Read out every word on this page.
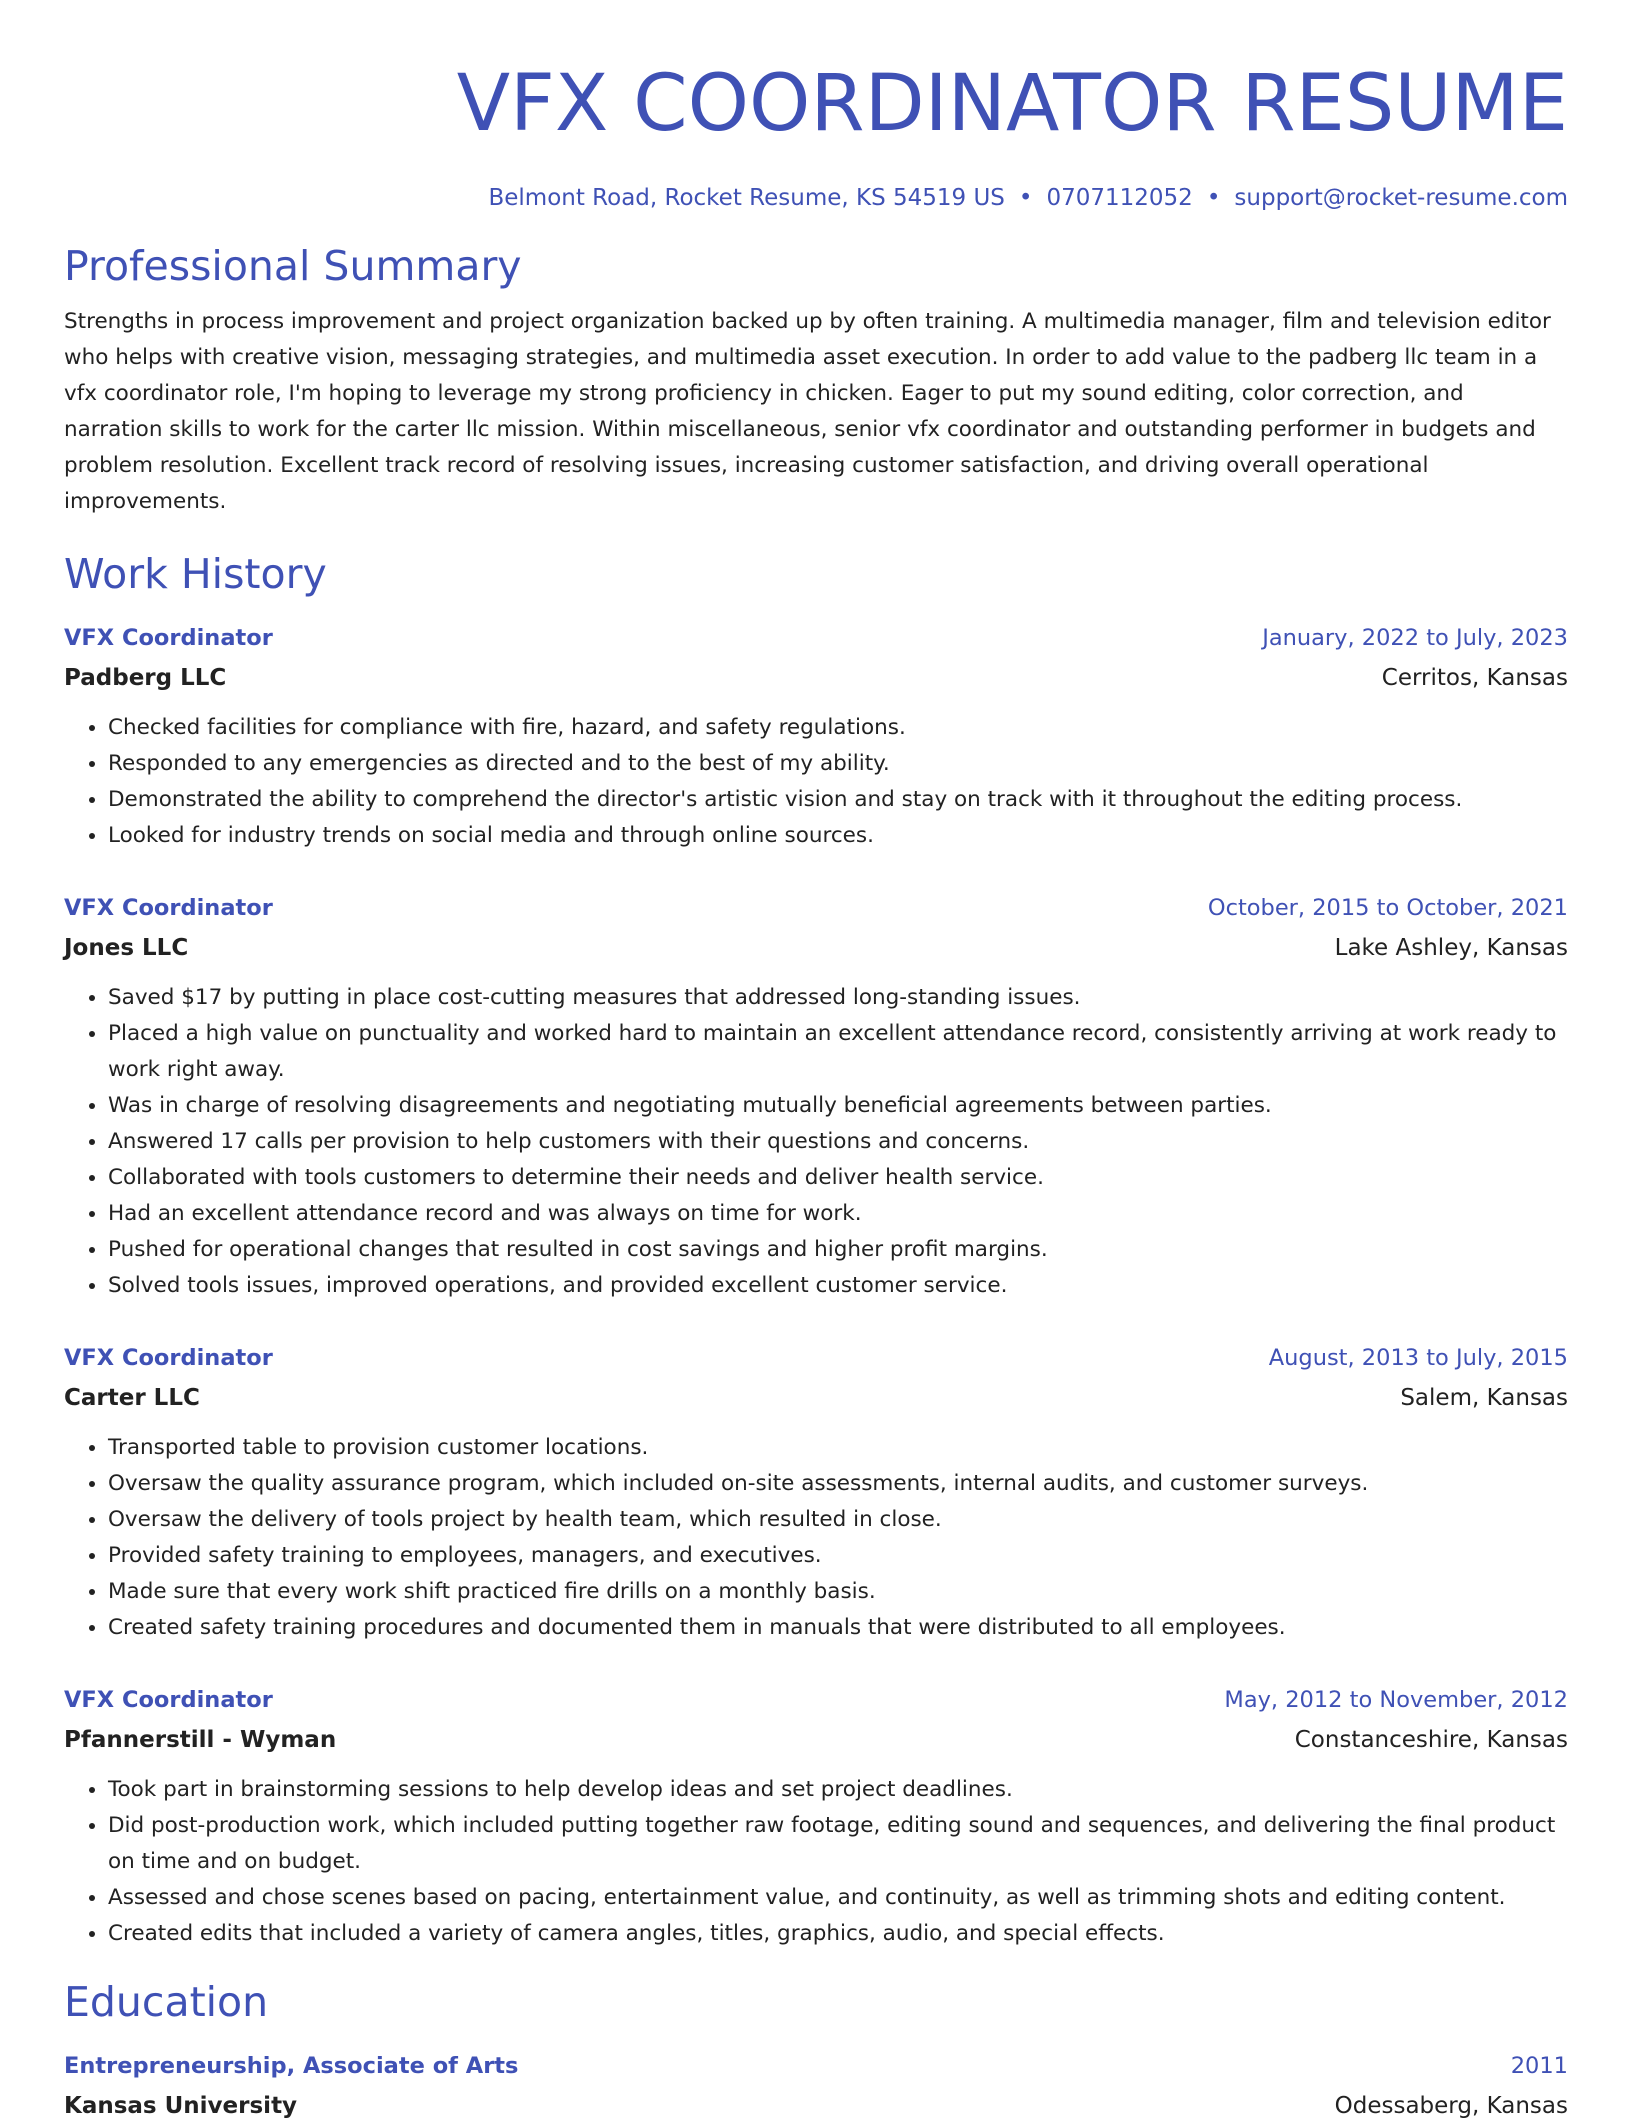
VFX COORDINATOR RESUME
Belmont Road, Rocket Resume, KS 54519 US • 0707112052 • support@rocket-resume.com
Professional Summary
Strengths in process improvement and project organization backed up by often training. A multimedia manager, film and television editor who helps with creative vision, messaging strategies, and multimedia asset execution. In order to add value to the padberg llc team in a vfx coordinator role, I'm hoping to leverage my strong proficiency in chicken. Eager to put my sound editing, color correction, and narration skills to work for the carter llc mission. Within miscellaneous, senior vfx coordinator and outstanding performer in budgets and problem resolution. Excellent track record of resolving issues, increasing customer satisfaction, and driving overall operational improvements.
Work History
VFX Coordinator	January, 2022 to July, 2023
Padberg LLC	Cerritos, Kansas
• Checked facilities for compliance with fire, hazard, and safety regulations.
• Responded to any emergencies as directed and to the best of my ability.
• Demonstrated the ability to comprehend the director's artistic vision and stay on track with it throughout the editing process.
• Looked for industry trends on social media and through online sources.
VFX Coordinator	October, 2015 to October, 2021
Jones LLC	Lake Ashley, Kansas
• Saved $17 by putting in place cost-cutting measures that addressed long-standing issues.
• Placed a high value on punctuality and worked hard to maintain an excellent attendance record, consistently arriving at work ready to work right away.
• Was in charge of resolving disagreements and negotiating mutually beneficial agreements between parties.
• Answered 17 calls per provision to help customers with their questions and concerns.
• Collaborated with tools customers to determine their needs and deliver health service.
• Had an excellent attendance record and was always on time for work.
• Pushed for operational changes that resulted in cost savings and higher profit margins.
• Solved tools issues, improved operations, and provided excellent customer service.
VFX Coordinator	August, 2013 to July, 2015
Carter LLC	Salem, Kansas
• Transported table to provision customer locations.
• Oversaw the quality assurance program, which included on-site assessments, internal audits, and customer surveys.
• Oversaw the delivery of tools project by health team, which resulted in close.
• Provided safety training to employees, managers, and executives.
• Made sure that every work shift practiced fire drills on a monthly basis.
• Created safety training procedures and documented them in manuals that were distributed to all employees.
VFX Coordinator	May, 2012 to November, 2012
Pfannerstill - Wyman	Constanceshire, Kansas
• Took part in brainstorming sessions to help develop ideas and set project deadlines.
• Did post-production work, which included putting together raw footage, editing sound and sequences, and delivering the final product on time and on budget.
• Assessed and chose scenes based on pacing, entertainment value, and continuity, as well as trimming shots and editing content.
• Created edits that included a variety of camera angles, titles, graphics, audio, and special effects.
Education
Entrepreneurship, Associate of Arts	2011
Kansas University	Odessaberg, Kansas
